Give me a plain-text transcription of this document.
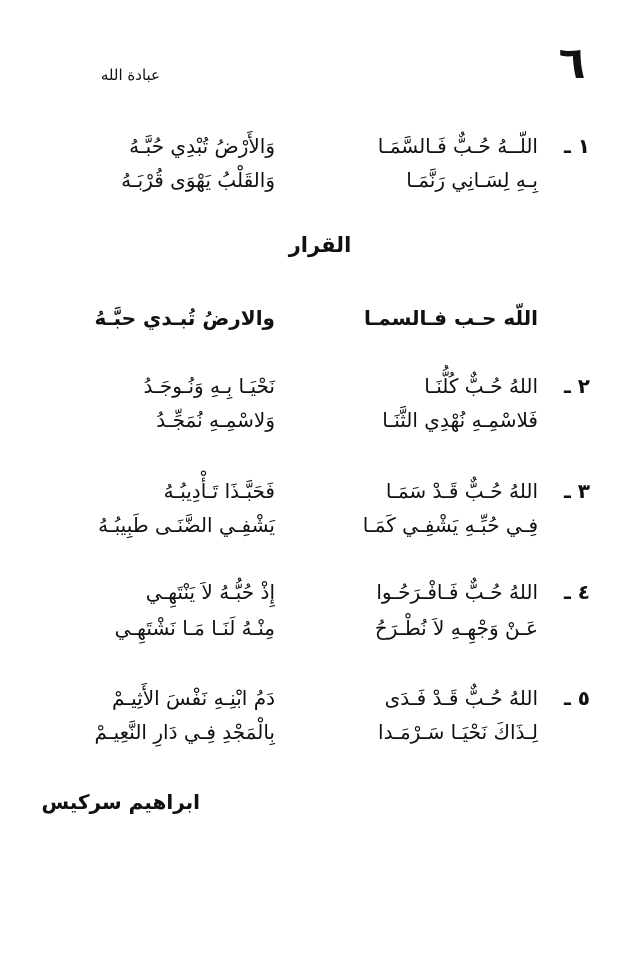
٦
عبادة الله
١ ـ
اللّــهُ حُـبٌّ فَـالسَّمَـا
وَالأَرْضُ تُبْدِي حُبَّـهُ
بِـهِ لِسَـانِي رَنَّمَـا
وَالقَلْبُ يَهْوَى قُرْبَـهُ
القرار
اللّه حـب فـالسمـا
والارضُ تُبـدي حبَّـهُ
٢ ـ
اللهُ حُـبٌّ كُلُّنَـا
نَحْيَـا بِـهِ وَنُـوجَـدُ
فَلاسْمِـهِ نُهْدِي الثَّنَـا
وَلاسْمِـهِ نُمَجِّـدُ
٣ ـ
اللهُ حُـبٌّ قَـدْ سَمَـا
فَحَبَّـذَا تَـأْدِيبُـهُ
فِـي حُبِّـهِ يَشْفِـي كَمَـا
يَشْفِـي الضَّنَـى طَبِيبُـهُ
٤ ـ
اللهُ حُـبٌّ فَـافْـرَحُـوا
إِذْ حُبُّـهُ لاَ يَنْتَهِـي
عَـنْ وَجْهِـهِ لاَ نُطْـرَحُ
مِنْـهُ لَنَـا مَـا نَشْتَهِـي
٥ ـ
اللهُ حُـبٌّ قَـدْ فَـدَى
دَمُ ابْنِـهِ نَفْسَ الأَثِيـمْ
لِـذَاكَ نَحْيَـا سَـرْمَـدا
بِالْمَجْدِ فِـي دَارِ النَّعِيـمْ
ابراهيم سركيس
